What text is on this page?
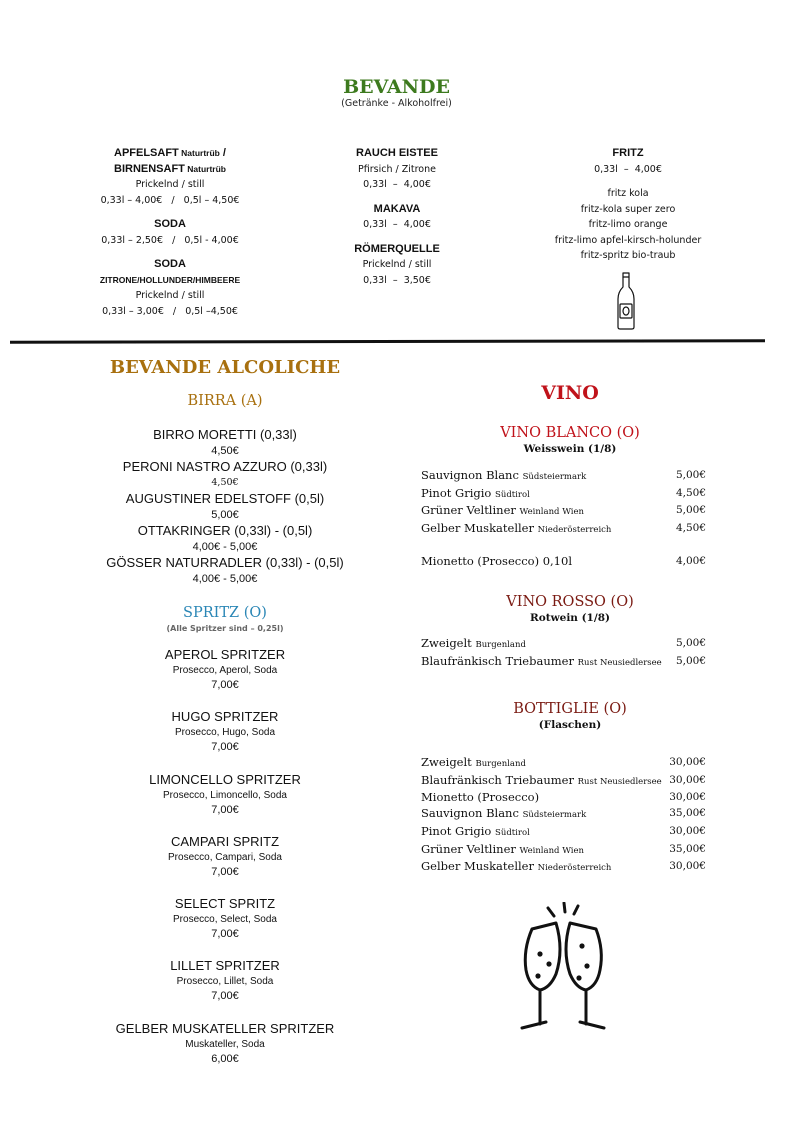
BEVANDE
(Getränke - Alkoholfrei)
APFELSAFT Naturtrüb /
BIRNENSAFT Naturtrüb
Prickelnd / still
0,33l – 4,00€   /   0,5l – 4,50€
SODA
0,33l – 2,50€   /   0,5l - 4,00€
SODA
ZITRONE/HOLLUNDER/HIMBEERE
Prickelnd / still
0,33l – 3,00€   /   0,5l –4,50€
RAUCH EISTEE
Pfirsich / Zitrone
0,33l  –  4,00€
MAKAVA
0,33l  –  4,00€
RÖMERQUELLE
Prickelnd / still
0,33l  –  3,50€
FRITZ
0,33l  –  4,00€
fritz kola
fritz-kola super zero
fritz-limo orange
fritz-limo apfel-kirsch-holunder
fritz-spritz bio-traub
BEVANDE ALCOLICHE
BIRRA (A)
BIRRO MORETTI (0,33l)
4,50€
PERONI NASTRO AZZURO (0,33l)
4,50€
AUGUSTINER EDELSTOFF (0,5l)
5,00€
OTTAKRINGER (0,33l) - (0,5l)
4,00€ - 5,00€
GÖSSER NATURRADLER (0,33l) - (0,5l)
4,00€ - 5,00€
SPRITZ (O)
(Alle Spritzer sind – 0,25l)
APEROL SPRITZER
Prosecco, Aperol, Soda
7,00€
HUGO SPRITZER
Prosecco, Hugo, Soda
7,00€
LIMONCELLO SPRITZER
Prosecco, Limoncello, Soda
7,00€
CAMPARI SPRITZ
Prosecco, Campari, Soda
7,00€
SELECT SPRITZ
Prosecco, Select, Soda
7,00€
LILLET SPRITZER
Prosecco, Lillet, Soda
7,00€
GELBER MUSKATELLER SPRITZER
Muskateller, Soda
6,00€
VINO
VINO BLANCO (O)
Weisswein (1/8)
Sauvignon Blanc Südsteiermark	5,00€
Pinot Grigio Südtirol	4,50€
Grüner Veltliner Weinland Wien	5,00€
Gelber Muskateller Niederösterreich	4,50€
Mionetto (Prosecco) 0,10l	4,00€
VINO ROSSO (O)
Rotwein (1/8)
Zweigelt Burgenland	5,00€
Blaufränkisch Triebaumer Rust Neusiedlersee 5,00€
BOTTIGLIE (O)
(Flaschen)
Zweigelt Burgenland	30,00€
Blaufränkisch Triebaumer Rust Neusiedlersee 30,00€
Mionetto (Prosecco)	30,00€
Sauvignon Blanc Südsteiermark	35,00€
Pinot Grigio Südtirol	30,00€
Grüner Veltliner Weinland Wien	35,00€
Gelber Muskateller Niederösterreich	30,00€
